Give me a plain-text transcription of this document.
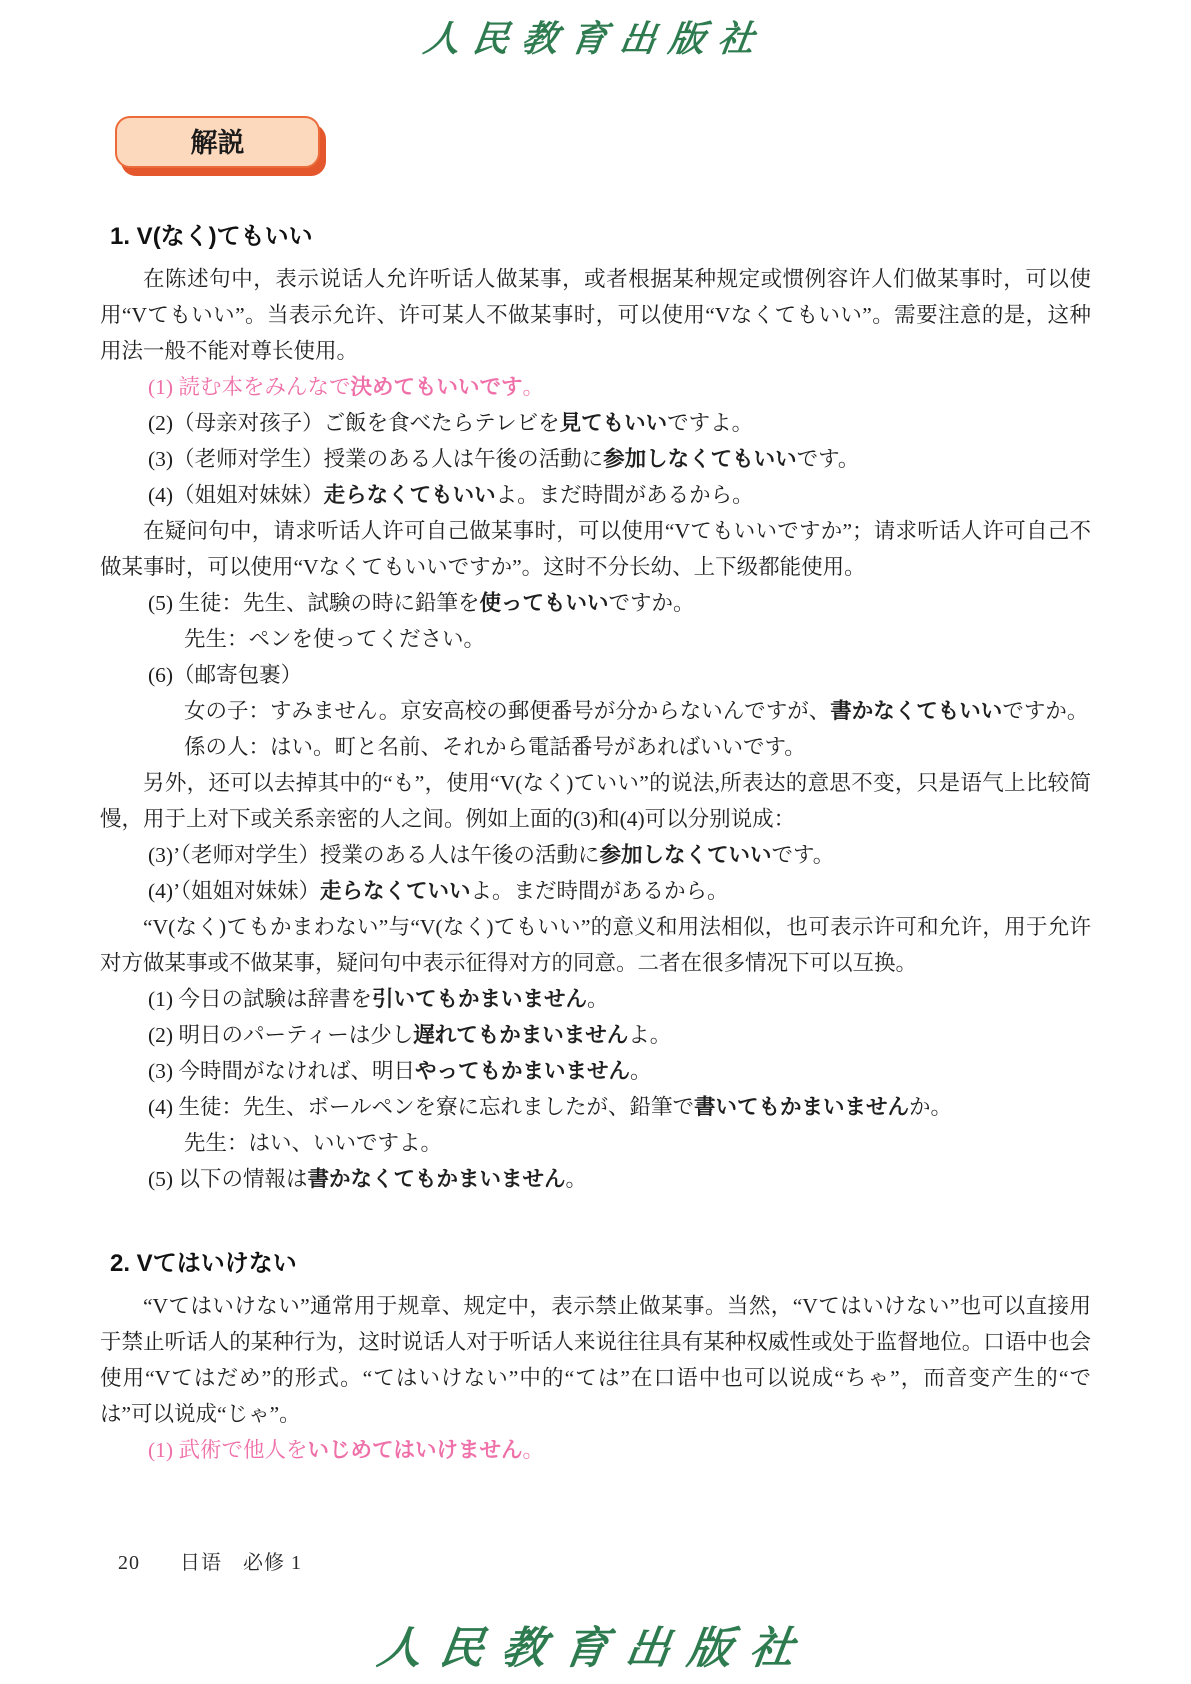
人民教育出版社
解説
1. V(なく)てもいい

在陈述句中，表示说话人允许听话人做某事，或者根据某种规定或惯例容许人们做某事时，可以使用“Vてもいい”。当表示允许、许可某人不做某事时，可以使用“Vなくてもいい”。需要注意的是，这种用法一般不能对尊长使用。

(1) 読む本をみんなで決めてもいいです。
(2)（母亲对孩子）ご飯を食べたらテレビを見てもいいですよ。
(3)（老师对学生）授業のある人は午後の活動に参加しなくてもいいです。
(4)（姐姐对妹妹）走らなくてもいいよ。まだ時間があるから。

在疑问句中，请求听话人许可自己做某事时，可以使用“Vてもいいですか”；请求听话人许可自己不做某事时，可以使用“Vなくてもいいですか”。这时不分长幼、上下级都能使用。

(5) 生徒：先生、試験の時に鉛筆を使ってもいいですか。
先生：ペンを使ってください。
(6)（邮寄包裹）
女の子：すみません。京安高校の郵便番号が分からないんですが、書かなくてもいいですか。
係の人：はい。町と名前、それから電話番号があればいいです。

另外，还可以去掉其中的“も”，使用“V(なく)ていい”的说法,所表达的意思不变，只是语气上比较简慢，用于上对下或关系亲密的人之间。例如上面的(3)和(4)可以分别说成：

(3)’（老师对学生）授業のある人は午後の活動に参加しなくていいです。
(4)’（姐姐对妹妹）走らなくていいよ。まだ時間があるから。

“V(なく)てもかまわない”与“V(なく)てもいい”的意义和用法相似，也可表示许可和允许，用于允许对方做某事或不做某事，疑问句中表示征得对方的同意。二者在很多情况下可以互换。

(1) 今日の試験は辞書を引いてもかまいません。
(2) 明日のパーティーは少し遅れてもかまいませんよ。
(3) 今時間がなければ、明日やってもかまいません。
(4) 生徒：先生、ボールペンを寮に忘れましたが、鉛筆で書いてもかまいませんか。
先生：はい、いいですよ。
(5) 以下の情報は書かなくてもかまいません。
2. Vてはいけない

“Vてはいけない”通常用于规章、规定中，表示禁止做某事。当然，“Vてはいけない”也可以直接用于禁止听话人的某种行为，这时说话人对于听话人来说往往具有某种权威性或处于监督地位。口语中也会使用“Vてはだめ”的形式。“てはいけない”中的“ては”在口语中也可以说成“ちゃ”，而音变产生的“では”可以说成“じゃ”。

(1) 武術で他人をいじめてはいけません。
20 日语　必修 1
人民教育出版社
